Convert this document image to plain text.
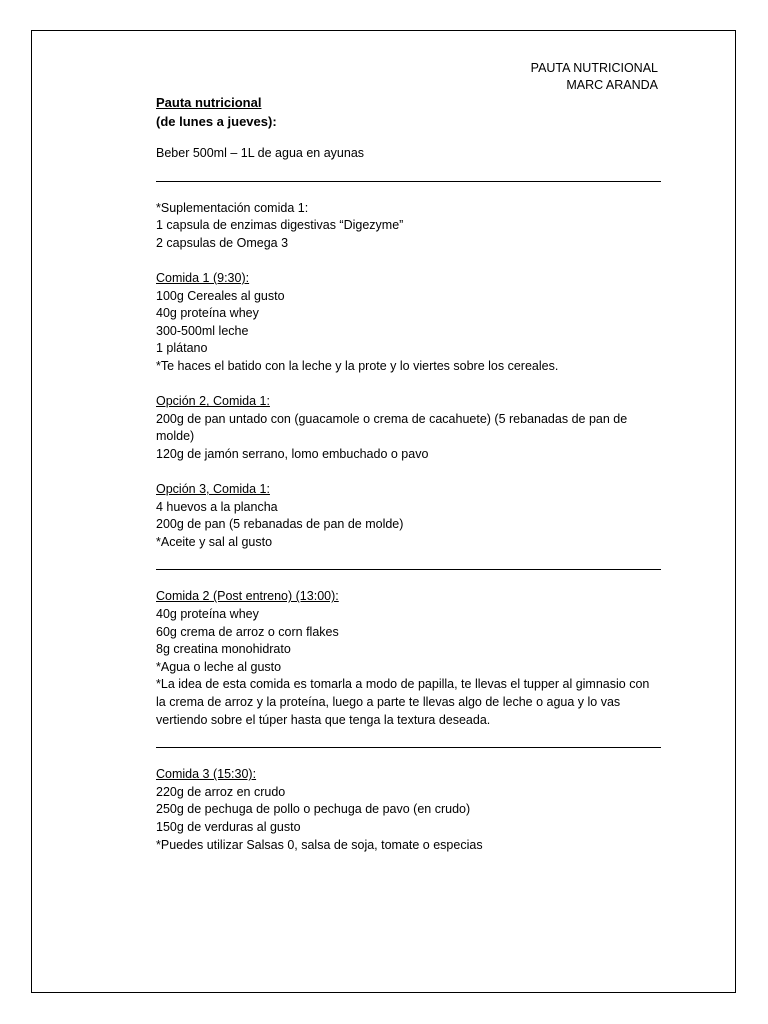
PAUTA NUTRICIONAL
MARC ARANDA
Pauta nutricional
(de lunes a jueves):
Beber 500ml – 1L de agua en ayunas
*Suplementación comida 1:
1 capsula de enzimas digestivas “Digezyme”
2 capsulas de Omega 3
Comida 1 (9:30):
100g Cereales al gusto
40g proteína whey
300-500ml leche
1 plátano
*Te haces el batido con la leche y la prote y lo viertes sobre los cereales.
Opción 2, Comida 1:
200g de pan untado con (guacamole o crema de cacahuete) (5 rebanadas de pan de molde)
120g de jamón serrano, lomo embuchado o pavo
Opción 3, Comida 1:
4 huevos a la plancha
200g de pan (5 rebanadas de pan de molde)
*Aceite y sal al gusto
Comida 2 (Post entreno) (13:00):
40g proteína whey
60g crema de arroz o corn flakes
8g creatina monohidrato
*Agua o leche al gusto
*La idea de esta comida es tomarla a modo de papilla, te llevas el tupper al gimnasio con la crema de arroz y la proteína, luego a parte te llevas algo de leche o agua y lo vas vertiendo sobre el túper hasta que tenga la textura deseada.
Comida 3 (15:30):
220g de arroz en crudo
250g de pechuga de pollo o pechuga de pavo (en crudo)
150g de verduras al gusto
*Puedes utilizar Salsas 0, salsa de soja, tomate o especias
